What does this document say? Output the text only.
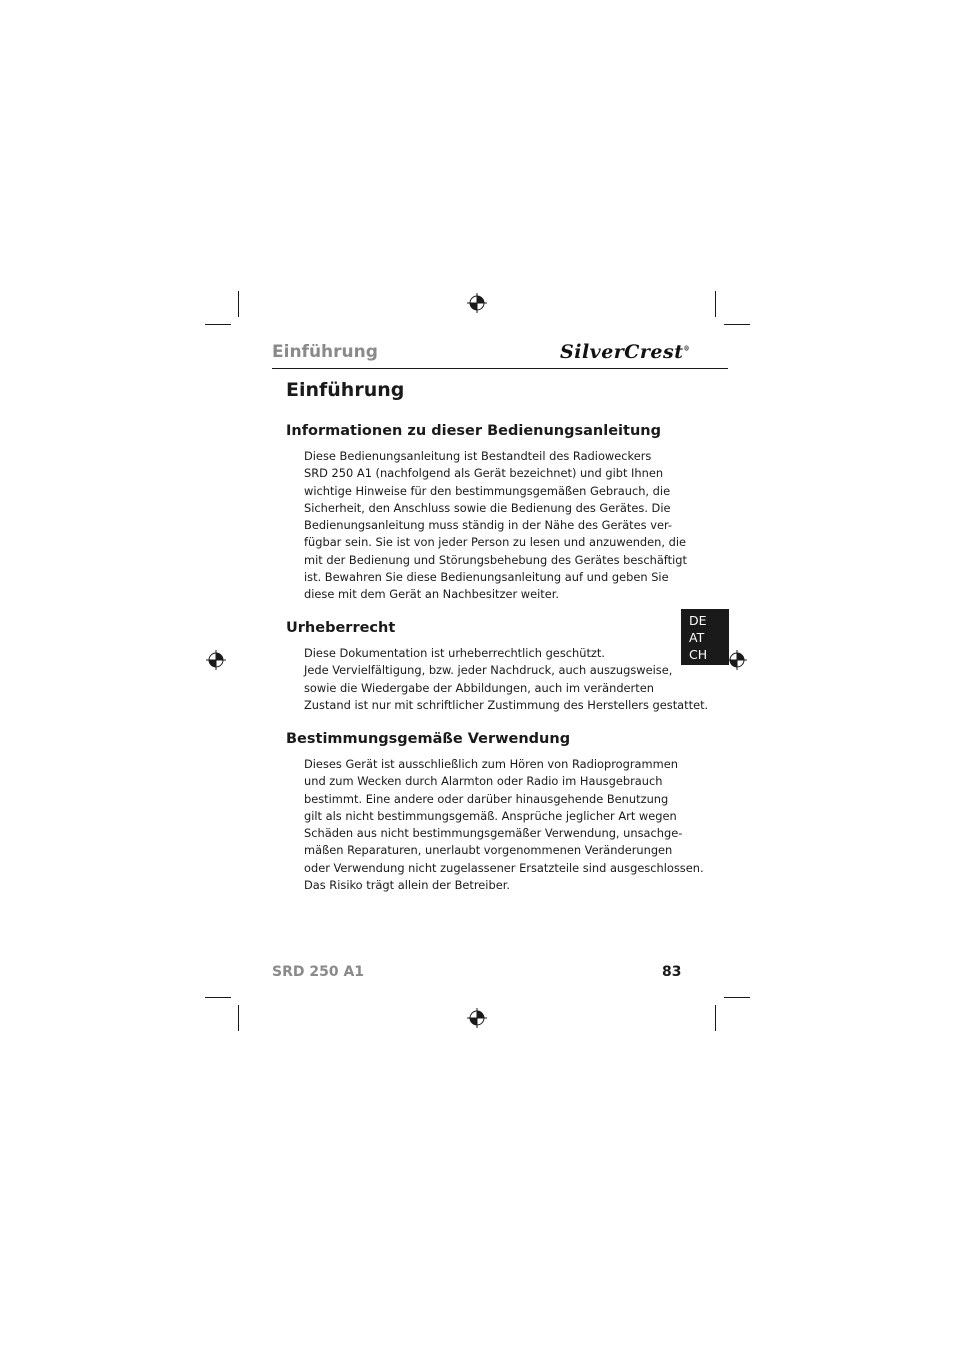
Einführung	SilverCrest®
Einführung
Informationen zu dieser Bedienungsanleitung

Diese Bedienungsanleitung ist Bestandteil des Radioweckers
SRD 250 A1 (nachfolgend als Gerät bezeichnet) und gibt Ihnen
wichtige Hinweise für den bestimmungsgemäßen Gebrauch, die
Sicherheit, den Anschluss sowie die Bedienung des Gerätes. Die
Bedienungsanleitung muss ständig in der Nähe des Gerätes ver-
fügbar sein. Sie ist von jeder Person zu lesen und anzuwenden, die
mit der Bedienung und Störungsbehebung des Gerätes beschäftigt
ist. Bewahren Sie diese Bedienungsanleitung auf und geben Sie
diese mit dem Gerät an Nachbesitzer weiter.

Urheberrecht

Diese Dokumentation ist urheberrechtlich geschützt.
Jede Vervielfältigung, bzw. jeder Nachdruck, auch auszugsweise,
sowie die Wiedergabe der Abbildungen, auch im veränderten
Zustand ist nur mit schriftlicher Zustimmung des Herstellers gestattet.

Bestimmungsgemäße Verwendung

Dieses Gerät ist ausschließlich zum Hören von Radioprogrammen
und zum Wecken durch Alarmton oder Radio im Hausgebrauch
bestimmt. Eine andere oder darüber hinausgehende Benutzung
gilt als nicht bestimmungsgemäß. Ansprüche jeglicher Art wegen
Schäden aus nicht bestimmungsgemäßer Verwendung, unsachge-
mäßen Reparaturen, unerlaubt vorgenommenen Veränderungen
oder Verwendung nicht zugelassener Ersatzteile sind ausgeschlossen.
Das Risiko trägt allein der Betreiber.

DE
AT
CH
SRD 250 A1	83
